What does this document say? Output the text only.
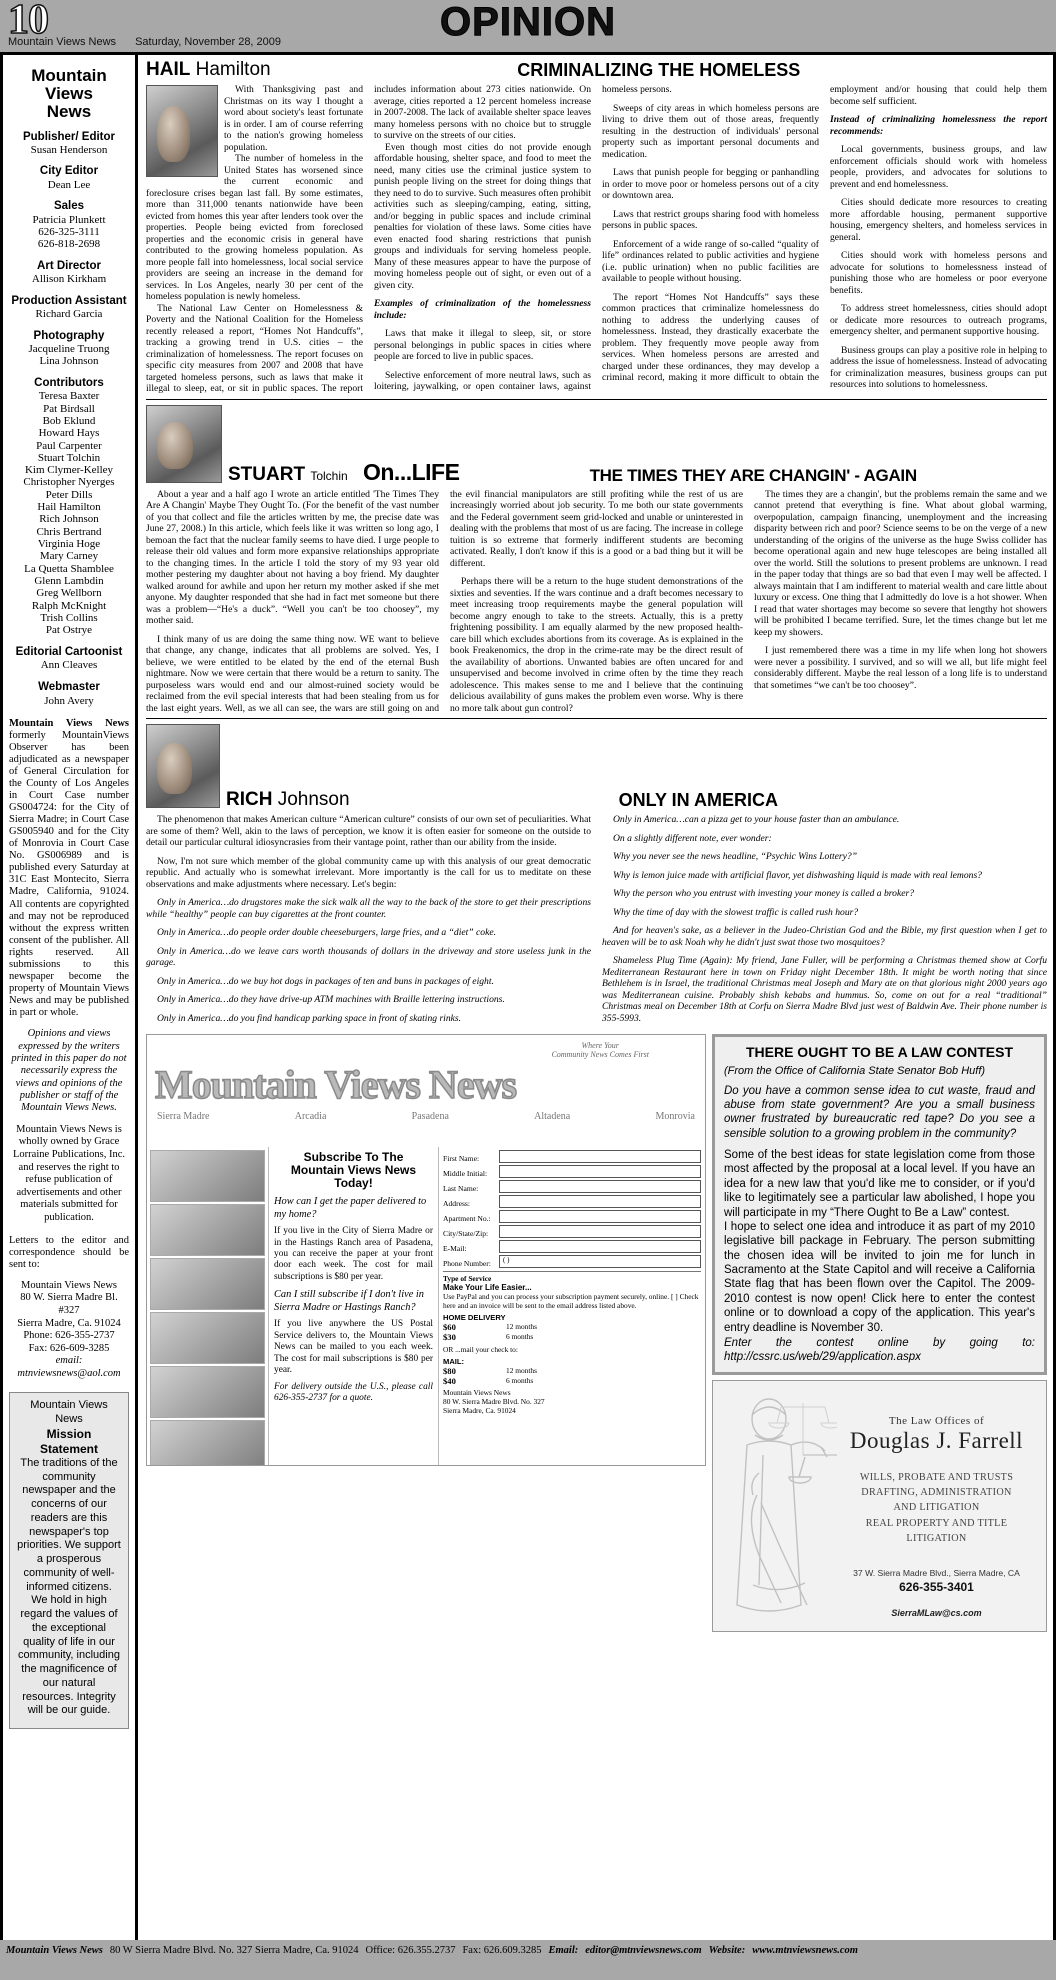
10
Mountain Views News Saturday, November 28, 2009	OPINION
Mountain Views
News
Publisher/ Editor
Susan Henderson
City Editor
Dean Lee
Sales
Patricia Plunkett
626-325-3111
626-818-2698
Art Director
Allison Kirkham
Production Assistant
Richard Garcia
Photography
Jacqueline Truong
Lina Johnson
Contributors
Teresa Baxter
Pat Birdsall
Bob Eklund
Howard Hays
Paul Carpenter
Stuart Tolchin
Kim Clymer-Kelley
Christopher Nyerges
Peter Dills
Hail Hamilton
Rich Johnson
Chris Bertrand
Virginia Hoge
Mary Carney
La Quetta Shamblee
Glenn Lambdin
Greg Wellborn
Ralph McKnight
Trish Collins
Pat Ostrye
Editorial Cartoonist
Ann Cleaves
Webmaster
John Avery
Mountain Views News formerly MountainViews Observer has been adjudicated as a newspaper of General Circulation for the County of Los Angeles in Court Case number GS004724: for the City of Sierra Madre; in Court Case GS005940 and for the City of Monrovia in Court Case No. GS006989 and is published every Saturday at 31C East Montecito, Sierra Madre, California, 91024. All contents are copyrighted and may not be reproduced without the express written consent of the publisher. All rights reserved. All submissions to this newspaper become the property of Mountain Views News and may be published in part or whole.
Opinions and views expressed by the writers printed in this paper do not necessarily express the views and opinions of the publisher or staff of the Mountain Views News.
Mountain Views News is wholly owned by Grace Lorraine Publications, Inc. and reserves the right to refuse publication of advertisements and other materials submitted for publication.
Letters to the editor and correspondence should be sent to:
Mountain Views News
80 W. Sierra Madre Bl. #327
Sierra Madre, Ca. 91024
Phone: 626-355-2737
Fax: 626-609-3285
email:
mtnviewsnews@aol.com
Mountain Views
News
Mission Statement
The traditions of the community newspaper and the concerns of our readers are this newspaper's top priorities. We support a prosperous community of well-informed citizens. We hold in high regard the values of the exceptional quality of life in our community, including the magnificence of our natural resources. Integrity will be our guide.
HAIL Hamilton	CRIMINALIZING THE HOMELESS

With Thanksgiving past and Christmas on its way I thought a word about society's least fortunate is in order. I am of course referring to the nation's growing homeless population.

The number of homeless in the United States has worsened since the current economic and foreclosure crises began last fall. By some estimates, more than 311,000 tenants nationwide have been evicted from homes this year after lenders took over the properties. People being evicted from foreclosed properties and the economic crisis in general have contributed to the growing homeless population. As more people fall into homelessness, local social service providers are seeing an increase in the demand for services. In Los Angeles, nearly 30 per cent of the homeless population is newly homeless.

The National Law Center on Homelessness & Poverty and the National Coalition for the Homeless recently released a report, “Homes Not Handcuffs”, tracking a growing trend in U.S. cities – the criminalization of homelessness. The report focuses on specific city measures from 2007 and 2008 that have targeted homeless persons, such as laws that make it illegal to sleep, eat, or sit in public spaces. The report includes information about 273 cities nationwide. On average, cities reported a 12 percent homeless increase in 2007-2008. The lack of available shelter space leaves many homeless persons with no choice but to struggle to survive on the streets of our cities.

Even though most cities do not provide enough affordable housing, shelter space, and food to meet the need, many cities use the criminal justice system to punish people living on the street for doing things that they need to do to survive. Such measures often prohibit activities such as sleeping/camping, eating, sitting, and/or begging in public spaces and include criminal penalties for violation of these laws. Some cities have even enacted food sharing restrictions that punish groups and individuals for serving homeless people. Many of these measures appear to have the purpose of moving homeless people out of sight, or even out of a given city.

Examples of criminalization of the homelessness include:

Laws that make it illegal to sleep, sit, or store personal belongings in public spaces in cities where people are forced to live in public spaces.

Selective enforcement of more neutral laws, such as loitering, jaywalking, or open container laws, against homeless persons.

Sweeps of city areas in which homeless persons are living to drive them out of those areas, frequently resulting in the destruction of individuals' personal property such as important personal documents and medication.

Laws that punish people for begging or panhandling in order to move poor or homeless persons out of a city or downtown area.

Laws that restrict groups sharing food with homeless persons in public spaces.

Enforcement of a wide range of so-called “quality of life” ordinances related to public activities and hygiene (i.e. public urination) when no public facilities are available to people without housing.

The report “Homes Not Handcuffs” says these common practices that criminalize homelessness do nothing to address the underlying causes of homelessness. Instead, they drastically exacerbate the problem. They frequently move people away from services. When homeless persons are arrested and charged under these ordinances, they may develop a criminal record, making it more difficult to obtain the employment and/or housing that could help them become self sufficient.

Instead of criminalizing homelessness the report recommends:

Local governments, business groups, and law enforcement officials should work with homeless people, providers, and advocates for solutions to prevent and end homelessness.

Cities should dedicate more resources to creating more affordable housing, permanent supportive housing, emergency shelters, and homeless services in general.

Cities should work with homeless persons and advocate for solutions to homelessness instead of punishing those who are homeless or poor everyone benefits.

To address street homelessness, cities should adopt or dedicate more resources to outreach programs, emergency shelter, and permanent supportive housing.

Business groups can play a positive role in helping to address the issue of homelessness. Instead of advocating for criminalization measures, business groups can put resources into solutions to homelessness.

STUART Tolchin On...LIFE	THE TIMES THEY ARE CHANGIN' - AGAIN

About a year and a half ago I wrote an article entitled 'The Times They Are A Changin' Maybe They Ought To. (For the benefit of the vast number of you that collect and file the articles written by me, the precise date was June 27, 2008.) In this article, which feels like it was written so long ago, I bemoan the fact that the nuclear family seems to have died. I urge people to release their old values and form more expansive relationships appropriate to the changing times. In the article I told the story of my 93 year old mother pestering my daughter about not having a boy friend. My daughter walked around for awhile and upon her return my mother asked if she met anyone. My daughter responded that she had in fact met someone but there was a problem—“He's a duck”. “Well you can't be too choosey”, my mother said.

I think many of us are doing the same thing now. WE want to believe that change, any change, indicates that all problems are solved. Yes, I believe, we were entitled to be elated by the end of the eternal Bush nightmare. Now we were certain that there would be a return to sanity. The purposeless wars would end and our almost-ruined society would be reclaimed from the evil special interests that had been stealing from us for the last eight years. Well, as we all can see, the wars are still going on and the evil financial manipulators are still profiting while the rest of us are increasingly worried about job security. To me both our state governments and the Federal government seem grid-locked and unable or uninterested in dealing with the problems that most of us are facing. The increase in college tuition is so extreme that formerly indifferent students are becoming activated. Really, I don't know if this is a good or a bad thing but it will be different.

Perhaps there will be a return to the huge student demonstrations of the sixties and seventies. If the wars continue and a draft becomes necessary to meet increasing troop requirements maybe the general population will become angry enough to take to the streets. Actually, this is a pretty frightening possibility. I am equally alarmed by the new proposed health-care bill which excludes abortions from its coverage. As is explained in the book Freakenomics, the drop in the crime-rate may be the direct result of the availability of abortions. Unwanted babies are often uncared for and unsupervised and become involved in crime often by the time they reach adolescence. This makes sense to me and I believe that the continuing delicious availability of guns makes the problem even worse. Why is there no more talk about gun control?

The times they are a changin', but the problems remain the same and we cannot pretend that everything is fine. What about global warming, overpopulation, campaign financing, unemployment and the increasing disparity between rich and poor? Science seems to be on the verge of a new understanding of the origins of the universe as the huge Swiss collider has become operational again and new huge telescopes are being installed all over the world. Still the solutions to present problems are unknown. I read in the paper today that things are so bad that even I may well be affected. I always maintain that I am indifferent to material wealth and care little about luxury or excess. One thing that I admittedly do love is a hot shower. When I read that water shortages may become so severe that lengthy hot showers will be prohibited I became terrified. Sure, let the times change but let me keep my showers.

I just remembered there was a time in my life when long hot showers were never a possibility. I survived, and so will we all, but life might feel considerably different. Maybe the real lesson of a long life is to understand that sometimes “we can't be too choosey”.

RICH Johnson	ONLY IN AMERICA

The phenomenon that makes American culture “American culture” consists of our own set of peculiarities. What are some of them? Well, akin to the laws of perception, we know it is often easier for someone on the outside to detail our particular cultural idiosyncrasies from their vantage point, rather than our ability from the inside.

Now, I'm not sure which member of the global community came up with this analysis of our great democratic republic. And actually who is somewhat irrelevant. More importantly is the call for us to meditate on these observations and make adjustments where necessary. Let's begin:

Only in America…do drugstores make the sick walk all the way to the back of the store to get their prescriptions while “healthy” people can buy cigarettes at the front counter.

Only in America…do people order double cheeseburgers, large fries, and a “diet” coke.

Only in America…do we leave cars worth thousands of dollars in the driveway and store useless junk in the garage.

Only in America…do we buy hot dogs in packages of ten and buns in packages of eight.

Only in America…do they have drive-up ATM machines with Braille lettering instructions.

Only in America…do you find handicap parking space in front of skating rinks.

Only in America…can a pizza get to your house faster than an ambulance.

On a slightly different note, ever wonder:

Why you never see the news headline, “Psychic Wins Lottery?”

Why is lemon juice made with artificial flavor, yet dishwashing liquid is made with real lemons?

Why the person who you entrust with investing your money is called a broker?

Why the time of day with the slowest traffic is called rush hour?

And for heaven's sake, as a believer in the Judeo-Christian God and the Bible, my first question when I get to heaven will be to ask Noah why he didn't just swat those two mosquitoes?

Shameless Plug Time (Again): My friend, Jane Fuller, will be performing a Christmas themed show at Corfu Mediterranean Restaurant here in town on Friday night December 18th. It might be worth noting that since Bethlehem is in Israel, the traditional Christmas meal Joseph and Mary ate on that glorious night 2000 years ago was Mediterranean cuisine. Probably shish kebabs and hummus. So, come on out for a real “traditional” Christmas meal on December 18th at Corfu on Sierra Madre Blvd just west of Baldwin Ave. Their phone number is 355-5993.

Mountain Views News
Where Your
Community News Comes First
Sierra Madre	Arcadia	Pasadena	Altadena	Monrovia
Subscribe To The
Mountain Views News
Today!
How can I get the paper delivered to my home?
If you live in the City of Sierra Madre or in the Hastings Ranch area of Pasadena, you can receive the paper at your front door each week. The cost for mail subscriptions is $80 per year.
Can I still subscribe if I don't live in Sierra Madre or Hastings Ranch?
If you live anywhere the US Postal Service delivers to, the Mountain Views News can be mailed to you each week. The cost for mail subscriptions is $80 per year.
For delivery outside the U.S., please call 626-355-2737 for a quote.
First Name:
Middle Initial:
Last Name:
Address:
Apartment No.:
City/State/Zip:
E-Mail:
Phone Number:	( )
Type of Service
Make Your Life Easier...
Use PayPal and you can process your subscription payment securely, online. [ ] Check here and an invoice will be sent to the email address listed above.
HOME DELIVERY
$60	12 months
$30	6 months
OR ...mail your check to:
MAIL:
$80	12 months
$40	6 months
Mountain Views News
80 W. Sierra Madre Blvd. No. 327
Sierra Madre, Ca. 91024
THERE OUGHT TO BE A LAW CONTEST
(From the Office of California State Senator Bob Huff)
Do you have a common sense idea to cut waste, fraud and abuse from state government? Are you a small business owner frustrated by bureaucratic red tape? Do you see a sensible solution to a growing problem in the community?
Some of the best ideas for state legislation come from those most affected by the proposal at a local level. If you have an idea for a new law that you'd like me to consider, or if you'd like to legitimately see a particular law abolished, I hope you will participate in my “There Ought to Be a Law” contest.
I hope to select one idea and introduce it as part of my 2010 legislative bill package in February. The person submitting the chosen idea will be invited to join me for lunch in Sacramento at the State Capitol and will receive a California State flag that has been flown over the Capitol. The 2009-2010 contest is now open! Click here to enter the contest online or to download a copy of the application. This year's entry deadline is November 30.
Enter the contest online by going to: http://cssrc.us/web/29/application.aspx
The Law Offices of
Douglas J. Farrell
WILLS, PROBATE AND TRUSTS
DRAFTING, ADMINISTRATION
AND LITIGATION
REAL PROPERTY AND TITLE LITIGATION
37 W. Sierra Madre Blvd., Sierra Madre, CA
626-355-3401
SierraMLaw@cs.com
Mountain Views News 80 W Sierra Madre Blvd. No. 327 Sierra Madre, Ca. 91024 Office: 626.355.2737 Fax: 626.609.3285 Email: editor@mtnviewsnews.com Website: www.mtnviewsnews.com
